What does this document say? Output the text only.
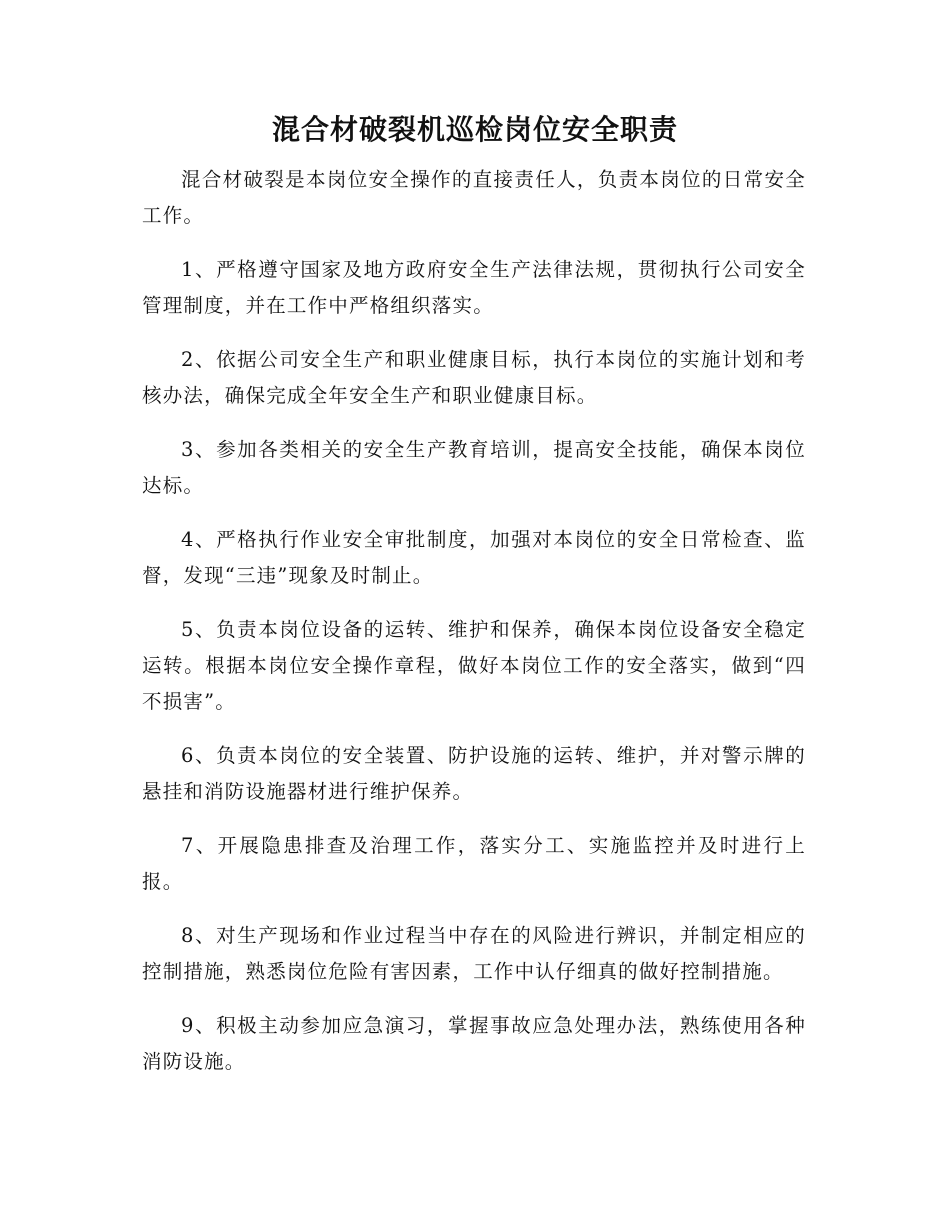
混合材破裂机巡检岗位安全职责

混合材破裂是本岗位安全操作的直接责任人，负责本岗位的日常安全工作。

1、严格遵守国家及地方政府安全生产法律法规，贯彻执行公司安全管理制度，并在工作中严格组织落实。

2、依据公司安全生产和职业健康目标，执行本岗位的实施计划和考核办法，确保完成全年安全生产和职业健康目标。

3、参加各类相关的安全生产教育培训，提高安全技能，确保本岗位达标。

4、严格执行作业安全审批制度，加强对本岗位的安全日常检查、监督，发现“三违”现象及时制止。

5、负责本岗位设备的运转、维护和保养，确保本岗位设备安全稳定运转。根据本岗位安全操作章程，做好本岗位工作的安全落实，做到“四不损害”。

6、负责本岗位的安全装置、防护设施的运转、维护，并对警示牌的悬挂和消防设施器材进行维护保养。

7、开展隐患排查及治理工作，落实分工、实施监控并及时进行上报。

8、对生产现场和作业过程当中存在的风险进行辨识，并制定相应的控制措施，熟悉岗位危险有害因素，工作中认仔细真的做好控制措施。

9、积极主动参加应急演习，掌握事故应急处理办法，熟练使用各种消防设施。
